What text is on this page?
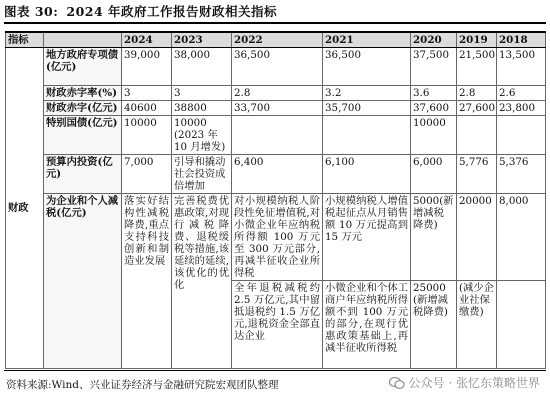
图表 30: 2024 年政府工作报告财政相关指标
指标		2024	2023	2022	2021	2020	2019	2018
财政	地方政府专项债(亿元)	39,000	38,000	36,500	36,500	37,500	21,500	13,500
	财政赤字率(%)	3	3	2.8	3.2	3.6	2.8	2.6
	财政赤字(亿元)	40600	38800	33,700	35,700	37,600	27,600	23,800
	特别国债(亿元)	10000	10000 (2023 年 10 月增发)			10000		
	预算内投资(亿元)	7,000	引导和撬动社会投资成倍增加	6,400	6,100	6,000	5,776	5,376
	为企业和个人减税(亿元)	落实好结构性减税降费,重点支持科技创新和制造业发展	完善税费优惠政策,对现行减税降费、退税缓税等措施,该延续的延续,该优化的优化	对小规模纳税人阶段性免征增值税,对小微企业年应纳税所得额 100 万元至 300 万元部分,再减半征收企业所得税	小规模纳税人增值税起征点从月销售额 10 万元提高到 15 万元	5000(新增减税降费)	20000	8,000
				全年退税减税约 2.5 万亿元,其中留抵退税约 1.5 万亿元,退税资金全部直达企业	小微企业和个体工商户年应纳税所得额不到 100 万元的部分,在现行优惠政策基础上,再减半征收所得税	25000 (新增减税降费)	(减少企业社保缴费)	
资料来源:Wind、兴业证券经济与金融研究院宏观团队整理	公众号 · 张忆东策略世界
